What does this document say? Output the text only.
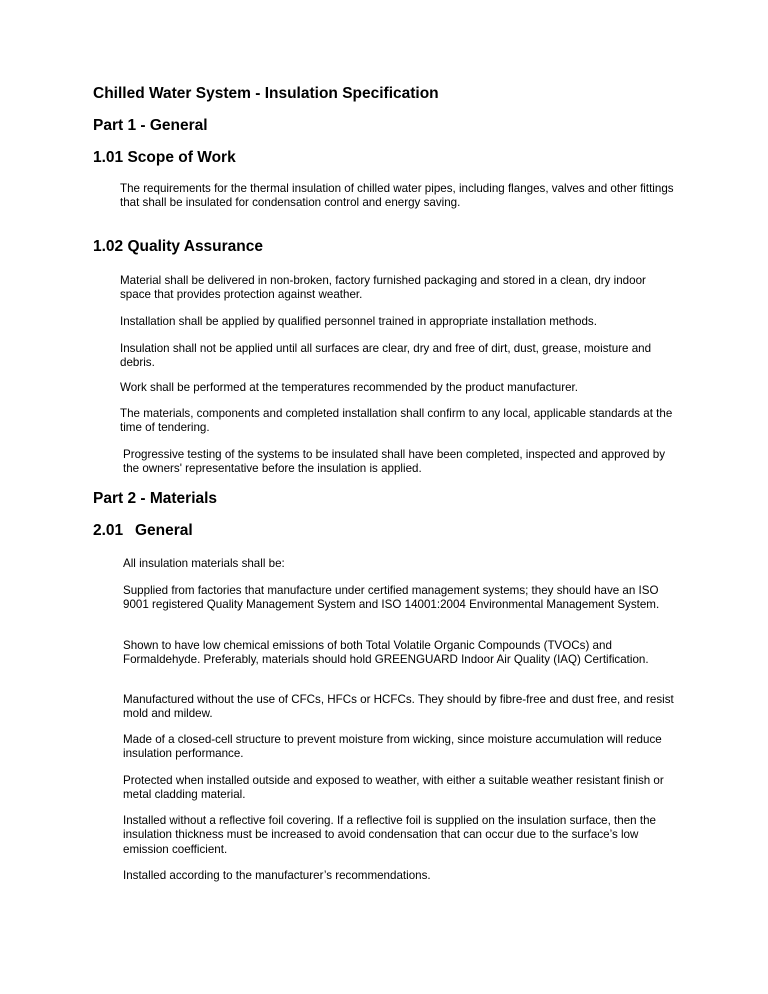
Chilled Water System - Insulation Specification
Part 1 - General
1.01 Scope of Work

The requirements for the thermal insulation of chilled water pipes, including flanges, valves and other fittings that shall be insulated for condensation control and energy saving.

1.02 Quality Assurance

Material shall be delivered in non-broken, factory furnished packaging and stored in a clean, dry indoor space that provides protection against weather.

Installation shall be applied by qualified personnel trained in appropriate installation methods.

Insulation shall not be applied until all surfaces are clear, dry and free of dirt, dust, grease, moisture and debris.

Work shall be performed at the temperatures recommended by the product manufacturer.

The materials, components and completed installation shall confirm to any local, applicable standards at the time of tendering.

Progressive testing of the systems to be insulated shall have been completed, inspected and approved by the owners' representative before the insulation is applied.

Part 2 - Materials
2.01 General

All insulation materials shall be:

Supplied from factories that manufacture under certified management systems; they should have an ISO 9001 registered Quality Management System and ISO 14001:2004 Environmental Management System.

Shown to have low chemical emissions of both Total Volatile Organic Compounds (TVOCs) and Formaldehyde. Preferably, materials should hold GREENGUARD Indoor Air Quality (IAQ) Certification.

Manufactured without the use of CFCs, HFCs or HCFCs. They should by fibre-free and dust free, and resist mold and mildew.

Made of a closed-cell structure to prevent moisture from wicking, since moisture accumulation will reduce insulation performance.

Protected when installed outside and exposed to weather, with either a suitable weather resistant finish or metal cladding material.

Installed without a reflective foil covering. If a reflective foil is supplied on the insulation surface, then the insulation thickness must be increased to avoid condensation that can occur due to the surface’s low emission coefficient.

Installed according to the manufacturer’s recommendations.
